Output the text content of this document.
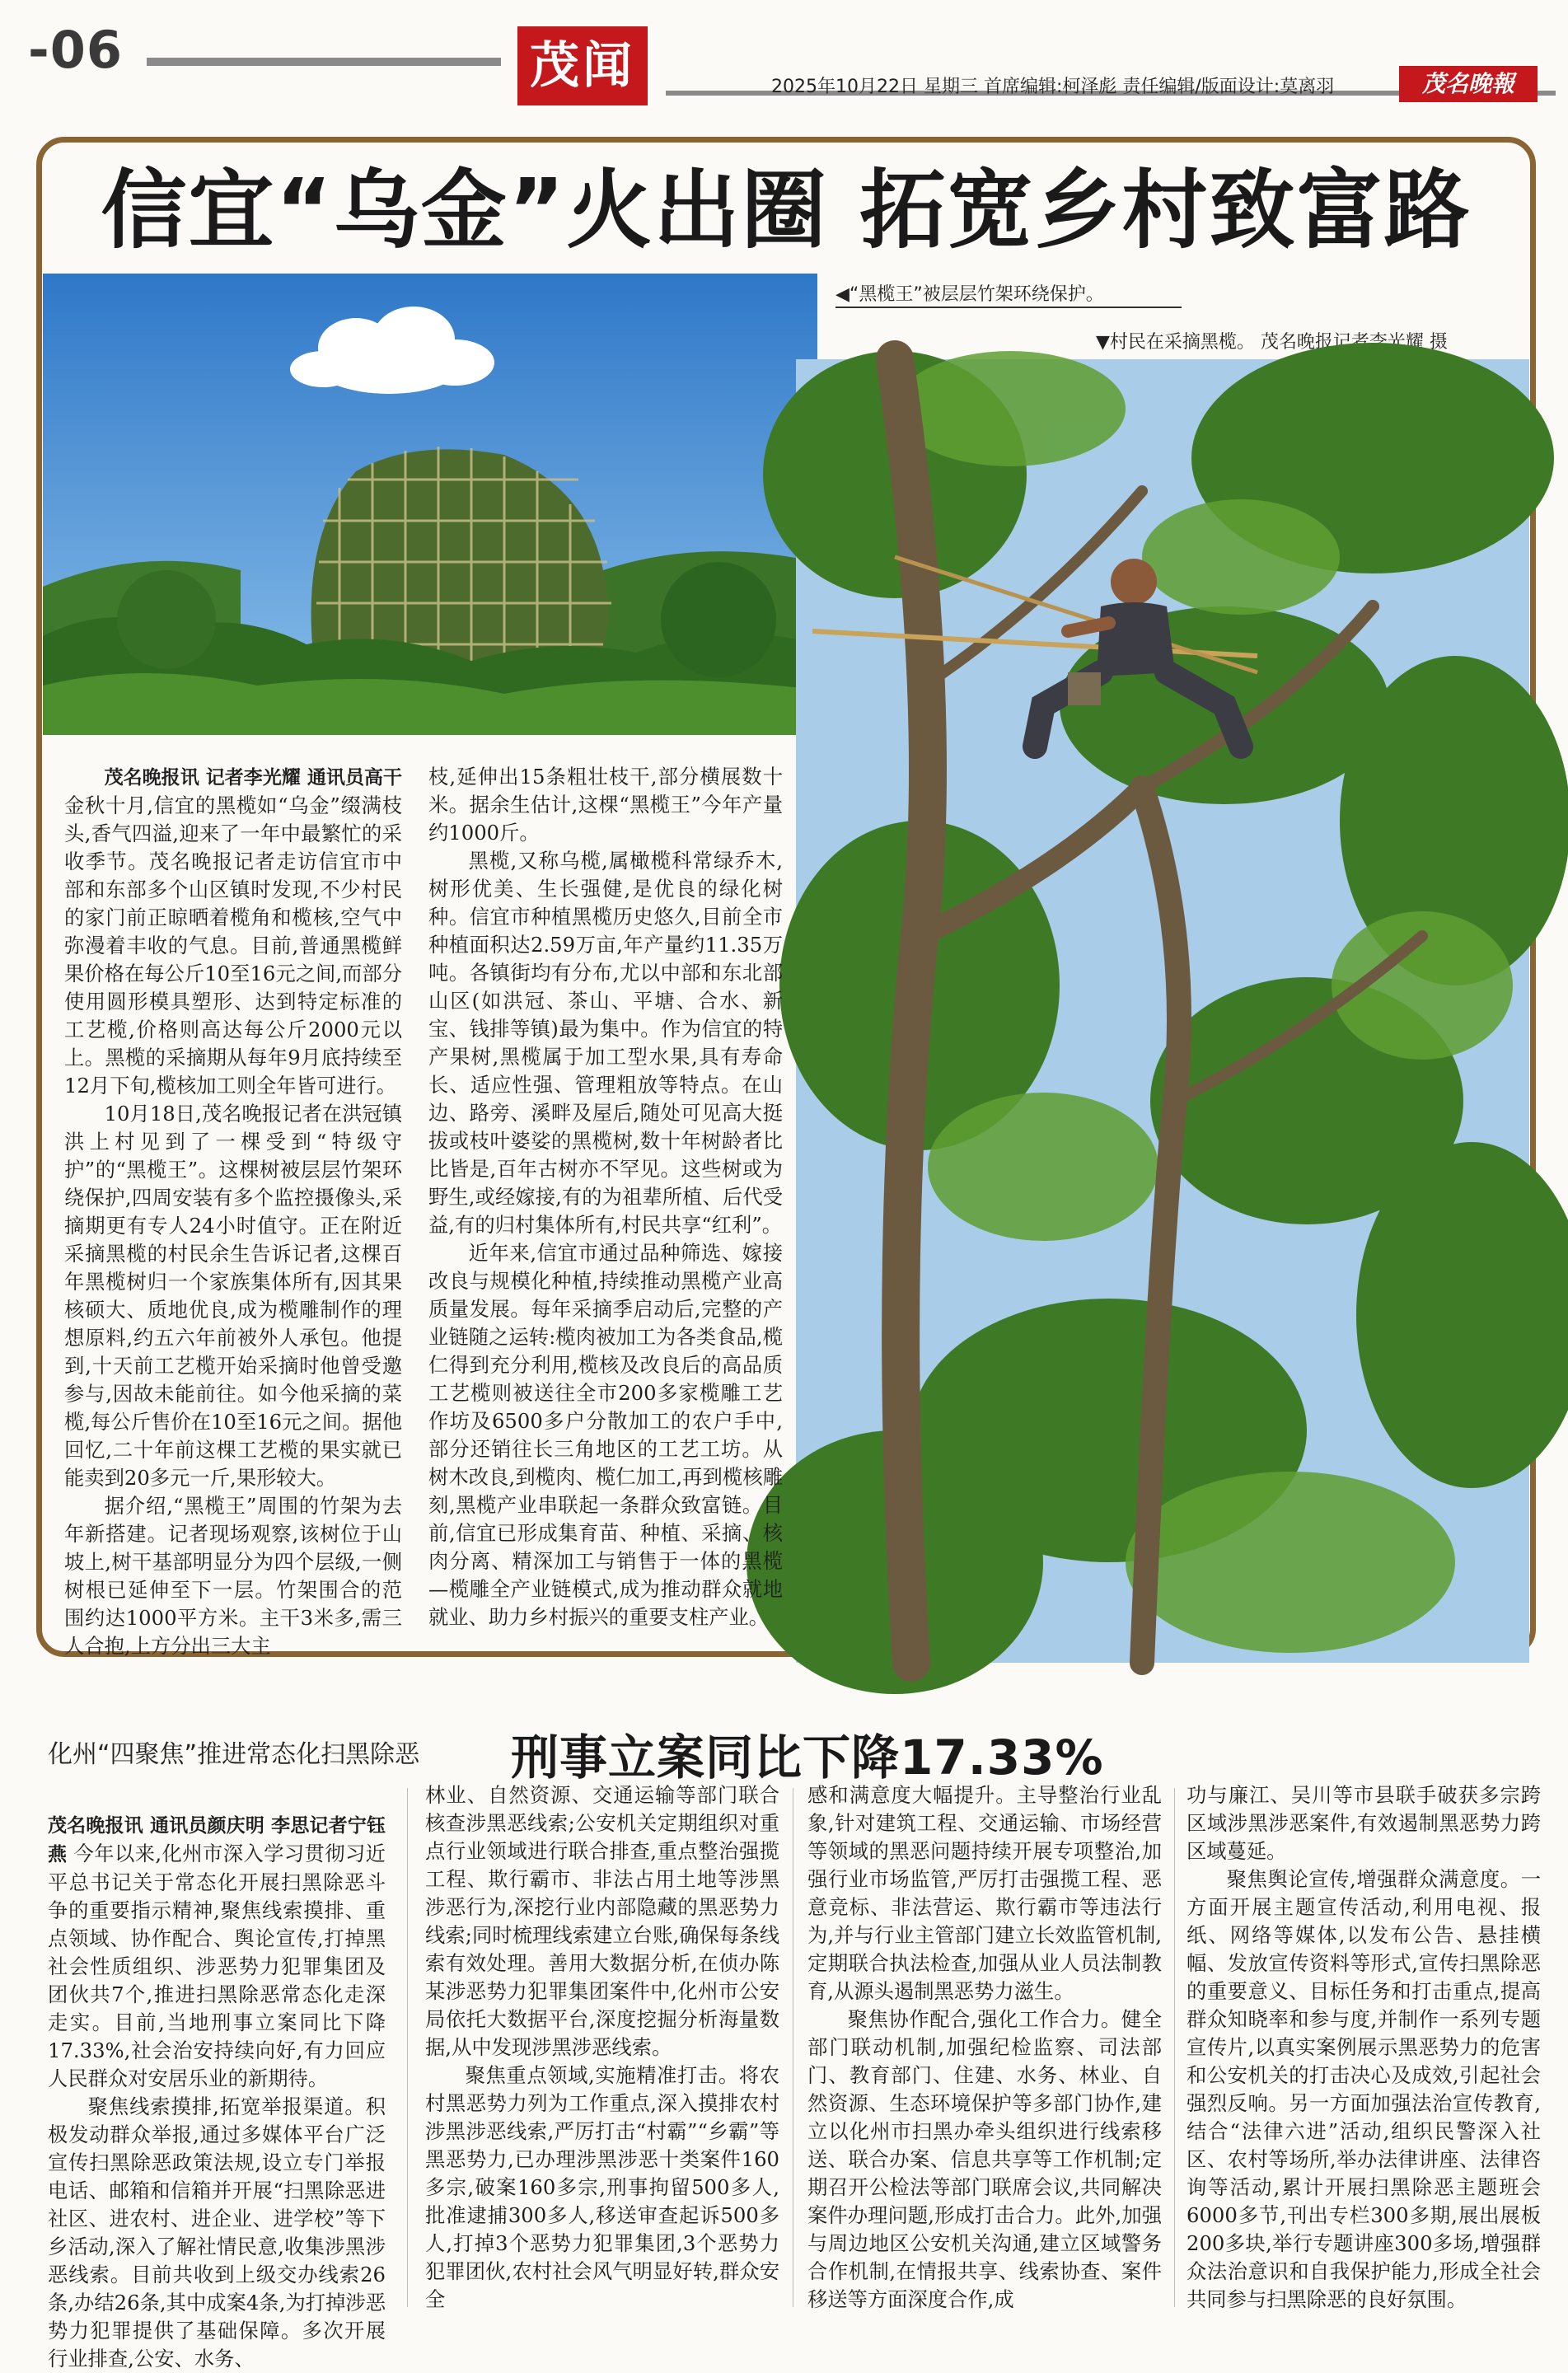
-06	茂闻	2025年10月22日 星期三 首席编辑:柯泽彪 责任编辑/版面设计:莫离羽	茂名晚報
信宜“乌金”火出圈 拓宽乡村致富路
◀“黑榄王”被层层竹架环绕保护。
▼村民在采摘黑榄。 茂名晚报记者李光耀 摄

茂名晚报讯 记者李光耀 通讯员高干 金秋十月,信宜的黑榄如“乌金”缀满枝头,香气四溢,迎来了一年中最繁忙的采收季节。茂名晚报记者走访信宜市中部和东部多个山区镇时发现,不少村民的家门前正晾晒着榄角和榄核,空气中弥漫着丰收的气息。目前,普通黑榄鲜果价格在每公斤10至16元之间,而部分使用圆形模具塑形、达到特定标准的工艺榄,价格则高达每公斤2000元以上。黑榄的采摘期从每年9月底持续至12月下旬,榄核加工则全年皆可进行。

10月18日,茂名晚报记者在洪冠镇洪上村见到了一棵受到“特级守护”的“黑榄王”。这棵树被层层竹架环绕保护,四周安装有多个监控摄像头,采摘期更有专人24小时值守。正在附近采摘黑榄的村民余生告诉记者,这棵百年黑榄树归一个家族集体所有,因其果核硕大、质地优良,成为榄雕制作的理想原料,约五六年前被外人承包。他提到,十天前工艺榄开始采摘时他曾受邀参与,因故未能前往。如今他采摘的菜榄,每公斤售价在10至16元之间。据他回忆,二十年前这棵工艺榄的果实就已能卖到20多元一斤,果形较大。

据介绍,“黑榄王”周围的竹架为去年新搭建。记者现场观察,该树位于山坡上,树干基部明显分为四个层级,一侧树根已延伸至下一层。竹架围合的范围约达1000平方米。主干3米多,需三人合抱,上方分出三大主

枝,延伸出15条粗壮枝干,部分横展数十米。据余生估计,这棵“黑榄王”今年产量约1000斤。

黑榄,又称乌榄,属橄榄科常绿乔木,树形优美、生长强健,是优良的绿化树种。信宜市种植黑榄历史悠久,目前全市种植面积达2.59万亩,年产量约11.35万吨。各镇街均有分布,尤以中部和东北部山区(如洪冠、茶山、平塘、合水、新宝、钱排等镇)最为集中。作为信宜的特产果树,黑榄属于加工型水果,具有寿命长、适应性强、管理粗放等特点。在山边、路旁、溪畔及屋后,随处可见高大挺拔或枝叶婆娑的黑榄树,数十年树龄者比比皆是,百年古树亦不罕见。这些树或为野生,或经嫁接,有的为祖辈所植、后代受益,有的归村集体所有,村民共享“红利”。

近年来,信宜市通过品种筛选、嫁接改良与规模化种植,持续推动黑榄产业高质量发展。每年采摘季启动后,完整的产业链随之运转:榄肉被加工为各类食品,榄仁得到充分利用,榄核及改良后的高品质工艺榄则被送往全市200多家榄雕工艺作坊及6500多户分散加工的农户手中,部分还销往长三角地区的工艺工坊。从树木改良,到榄肉、榄仁加工,再到榄核雕刻,黑榄产业串联起一条群众致富链。目前,信宜已形成集育苗、种植、采摘、核肉分离、精深加工与销售于一体的黑榄—榄雕全产业链模式,成为推动群众就地就业、助力乡村振兴的重要支柱产业。

化州“四聚焦”推进常态化扫黑除恶 刑事立案同比下降17.33%

茂名晚报讯 通讯员颜庆明 李思记者宁钰燕 今年以来,化州市深入学习贯彻习近平总书记关于常态化开展扫黑除恶斗争的重要指示精神,聚焦线索摸排、重点领域、协作配合、舆论宣传,打掉黑社会性质组织、涉恶势力犯罪集团及团伙共7个,推进扫黑除恶常态化走深走实。目前,当地刑事立案同比下降17.33%,社会治安持续向好,有力回应人民群众对安居乐业的新期待。

聚焦线索摸排,拓宽举报渠道。积极发动群众举报,通过多媒体平台广泛宣传扫黑除恶政策法规,设立专门举报电话、邮箱和信箱并开展“扫黑除恶进社区、进农村、进企业、进学校”等下乡活动,深入了解社情民意,收集涉黑涉恶线索。目前共收到上级交办线索26条,办结26条,其中成案4条,为打掉涉恶势力犯罪提供了基础保障。多次开展行业排查,公安、水务、

林业、自然资源、交通运输等部门联合核查涉黑恶线索;公安机关定期组织对重点行业领域进行联合排查,重点整治强揽工程、欺行霸市、非法占用土地等涉黑涉恶行为,深挖行业内部隐藏的黑恶势力线索;同时梳理线索建立台账,确保每条线索有效处理。善用大数据分析,在侦办陈某涉恶势力犯罪集团案件中,化州市公安局依托大数据平台,深度挖掘分析海量数据,从中发现涉黑涉恶线索。

聚焦重点领域,实施精准打击。将农村黑恶势力列为工作重点,深入摸排农村涉黑涉恶线索,严厉打击“村霸”“乡霸”等黑恶势力,已办理涉黑涉恶十类案件160多宗,破案160多宗,刑事拘留500多人,批准逮捕300多人,移送审查起诉500多人,打掉3个恶势力犯罪集团,3个恶势力犯罪团伙,农村社会风气明显好转,群众安全

感和满意度大幅提升。主导整治行业乱象,针对建筑工程、交通运输、市场经营等领域的黑恶问题持续开展专项整治,加强行业市场监管,严厉打击强揽工程、恶意竞标、非法营运、欺行霸市等违法行为,并与行业主管部门建立长效监管机制,定期联合执法检查,加强从业人员法制教育,从源头遏制黑恶势力滋生。

聚焦协作配合,强化工作合力。健全部门联动机制,加强纪检监察、司法部门、教育部门、住建、水务、林业、自然资源、生态环境保护等多部门协作,建立以化州市扫黑办牵头组织进行线索移送、联合办案、信息共享等工作机制;定期召开公检法等部门联席会议,共同解决案件办理问题,形成打击合力。此外,加强与周边地区公安机关沟通,建立区域警务合作机制,在情报共享、线索协查、案件移送等方面深度合作,成

功与廉江、吴川等市县联手破获多宗跨区域涉黑涉恶案件,有效遏制黑恶势力跨区域蔓延。

聚焦舆论宣传,增强群众满意度。一方面开展主题宣传活动,利用电视、报纸、网络等媒体,以发布公告、悬挂横幅、发放宣传资料等形式,宣传扫黑除恶的重要意义、目标任务和打击重点,提高群众知晓率和参与度,并制作一系列专题宣传片,以真实案例展示黑恶势力的危害和公安机关的打击决心及成效,引起社会强烈反响。另一方面加强法治宣传教育,结合“法律六进”活动,组织民警深入社区、农村等场所,举办法律讲座、法律咨询等活动,累计开展扫黑除恶主题班会6000多节,刊出专栏300多期,展出展板200多块,举行专题讲座300多场,增强群众法治意识和自我保护能力,形成全社会共同参与扫黑除恶的良好氛围。
